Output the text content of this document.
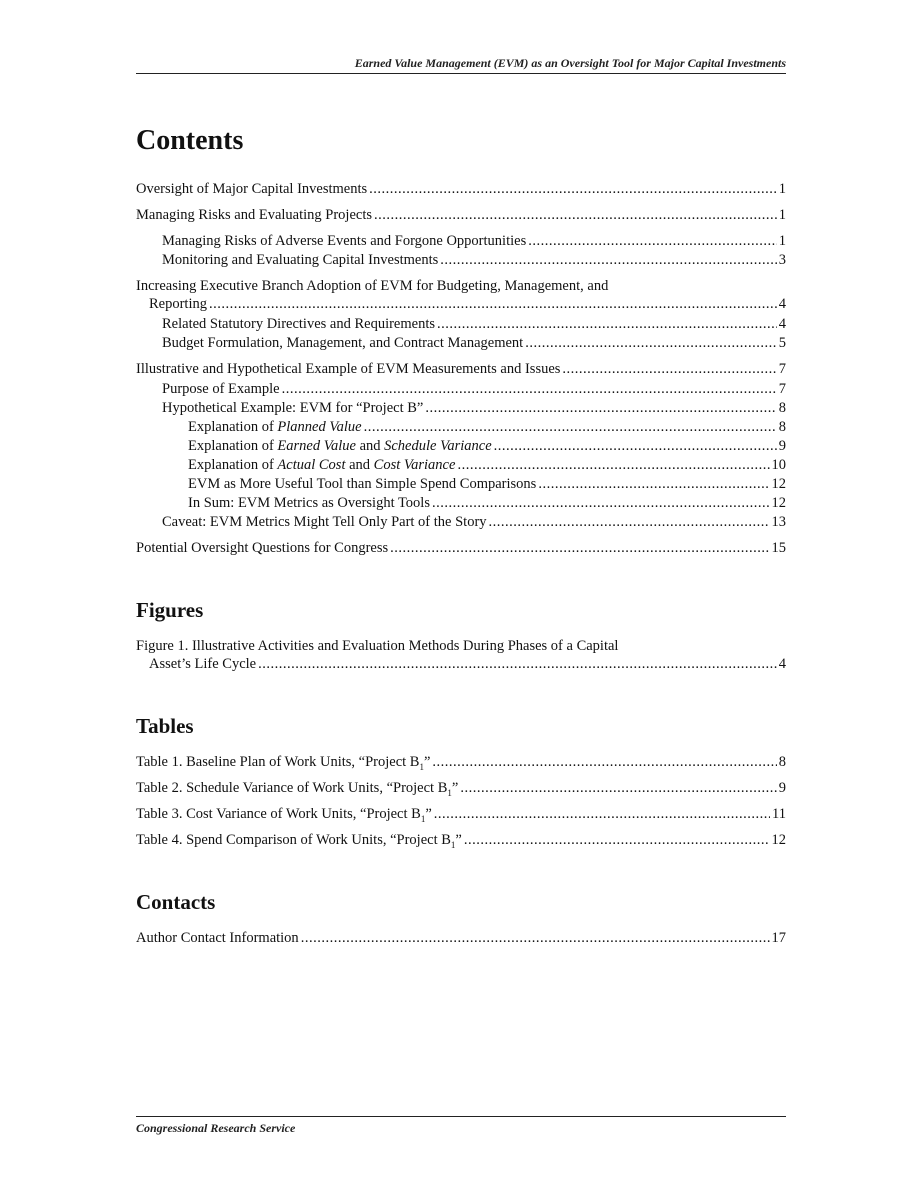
Earned Value Management (EVM) as an Oversight Tool for Major Capital Investments
Contents
Oversight of Major Capital Investments .....	1
Managing Risks and Evaluating Projects .....	1
Managing Risks of Adverse Events and Forgone Opportunities .....	1
Monitoring and Evaluating Capital Investments .....	3
Increasing Executive Branch Adoption of EVM for Budgeting, Management, and
Reporting .....	4
Related Statutory Directives and Requirements .....	4
Budget Formulation, Management, and Contract Management .....	5
Illustrative and Hypothetical Example of EVM Measurements and Issues .....	7
Purpose of Example .....	7
Hypothetical Example: EVM for “Project B” .....	8
Explanation of Planned Value .....	8
Explanation of Earned Value and Schedule Variance .....	9
Explanation of Actual Cost and Cost Variance .....	10
EVM as More Useful Tool than Simple Spend Comparisons .....	12
In Sum: EVM Metrics as Oversight Tools .....	12
Caveat: EVM Metrics Might Tell Only Part of the Story .....	13
Potential Oversight Questions for Congress .....	15
Figures
Figure 1. Illustrative Activities and Evaluation Methods During Phases of a Capital
Asset’s Life Cycle .....	4
Tables
Table 1. Baseline Plan of Work Units, “Project $B_1$” .....	8
Table 2. Schedule Variance of Work Units, “Project $B_1$” .....	9
Table 3. Cost Variance of Work Units, “Project $B_1$” .....	11
Table 4. Spend Comparison of Work Units, “Project $B_1$” .....	12
Contacts
Author Contact Information .....	17
Congressional Research Service
